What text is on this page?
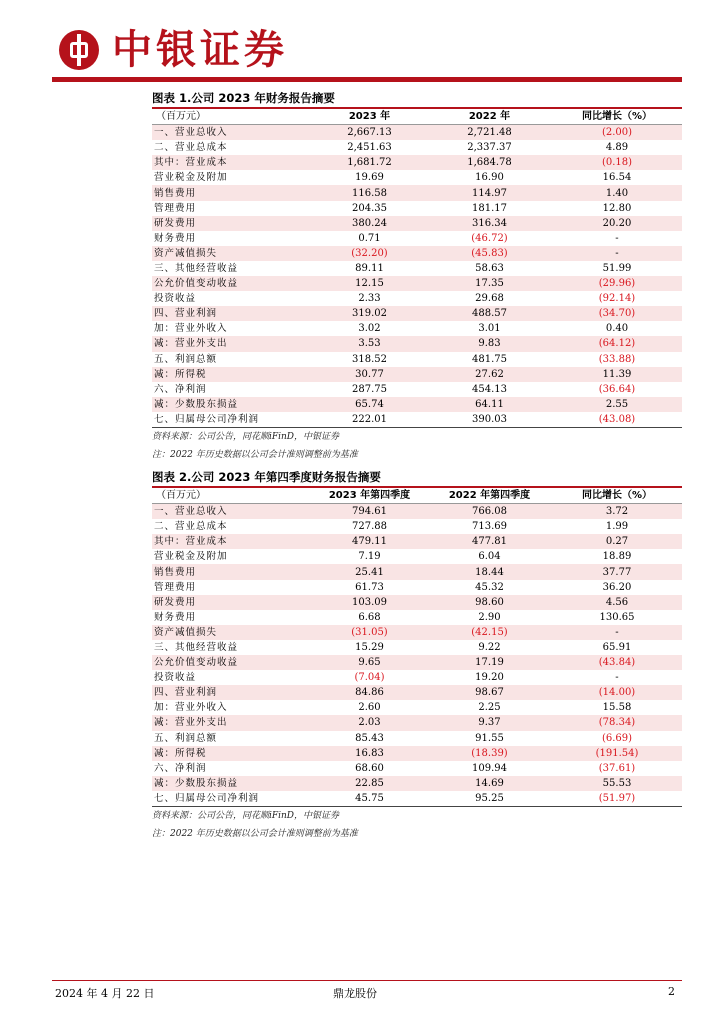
中银证券
图表 1.公司 2023 年财务报告摘要
（百万元）	2023 年	2022 年	同比增长（%）
一、营业总收入	2,667.13	2,721.48	(2.00)
二、营业总成本	2,451.63	2,337.37	4.89
其中：营业成本	1,681.72	1,684.78	(0.18)
营业税金及附加	19.69	16.90	16.54
销售费用	116.58	114.97	1.40
管理费用	204.35	181.17	12.80
研发费用	380.24	316.34	20.20
财务费用	0.71	(46.72)	-
资产减值损失	(32.20)	(45.83)	-
三、其他经营收益	89.11	58.63	51.99
公允价值变动收益	12.15	17.35	(29.96)
投资收益	2.33	29.68	(92.14)
四、营业利润	319.02	488.57	(34.70)
加：营业外收入	3.02	3.01	0.40
减：营业外支出	3.53	9.83	(64.12)
五、利润总额	318.52	481.75	(33.88)
减：所得税	30.77	27.62	11.39
六、净利润	287.75	454.13	(36.64)
减：少数股东损益	65.74	64.11	2.55
七、归属母公司净利润	222.01	390.03	(43.08)
资料来源：公司公告，同花顺iFinD，中银证券
注：2022 年历史数据以公司会计准则调整前为基准
图表 2.公司 2023 年第四季度财务报告摘要
（百万元）	2023 年第四季度	2022 年第四季度	同比增长（%）
一、营业总收入	794.61	766.08	3.72
二、营业总成本	727.88	713.69	1.99
其中：营业成本	479.11	477.81	0.27
营业税金及附加	7.19	6.04	18.89
销售费用	25.41	18.44	37.77
管理费用	61.73	45.32	36.20
研发费用	103.09	98.60	4.56
财务费用	6.68	2.90	130.65
资产减值损失	(31.05)	(42.15)	-
三、其他经营收益	15.29	9.22	65.91
公允价值变动收益	9.65	17.19	(43.84)
投资收益	(7.04)	19.20	-
四、营业利润	84.86	98.67	(14.00)
加：营业外收入	2.60	2.25	15.58
减：营业外支出	2.03	9.37	(78.34)
五、利润总额	85.43	91.55	(6.69)
减：所得税	16.83	(18.39)	(191.54)
六、净利润	68.60	109.94	(37.61)
减：少数股东损益	22.85	14.69	55.53
七、归属母公司净利润	45.75	95.25	(51.97)
资料来源：公司公告，同花顺iFinD，中银证券
注：2022 年历史数据以公司会计准则调整前为基准
2024 年 4 月 22 日	鼎龙股份	2
